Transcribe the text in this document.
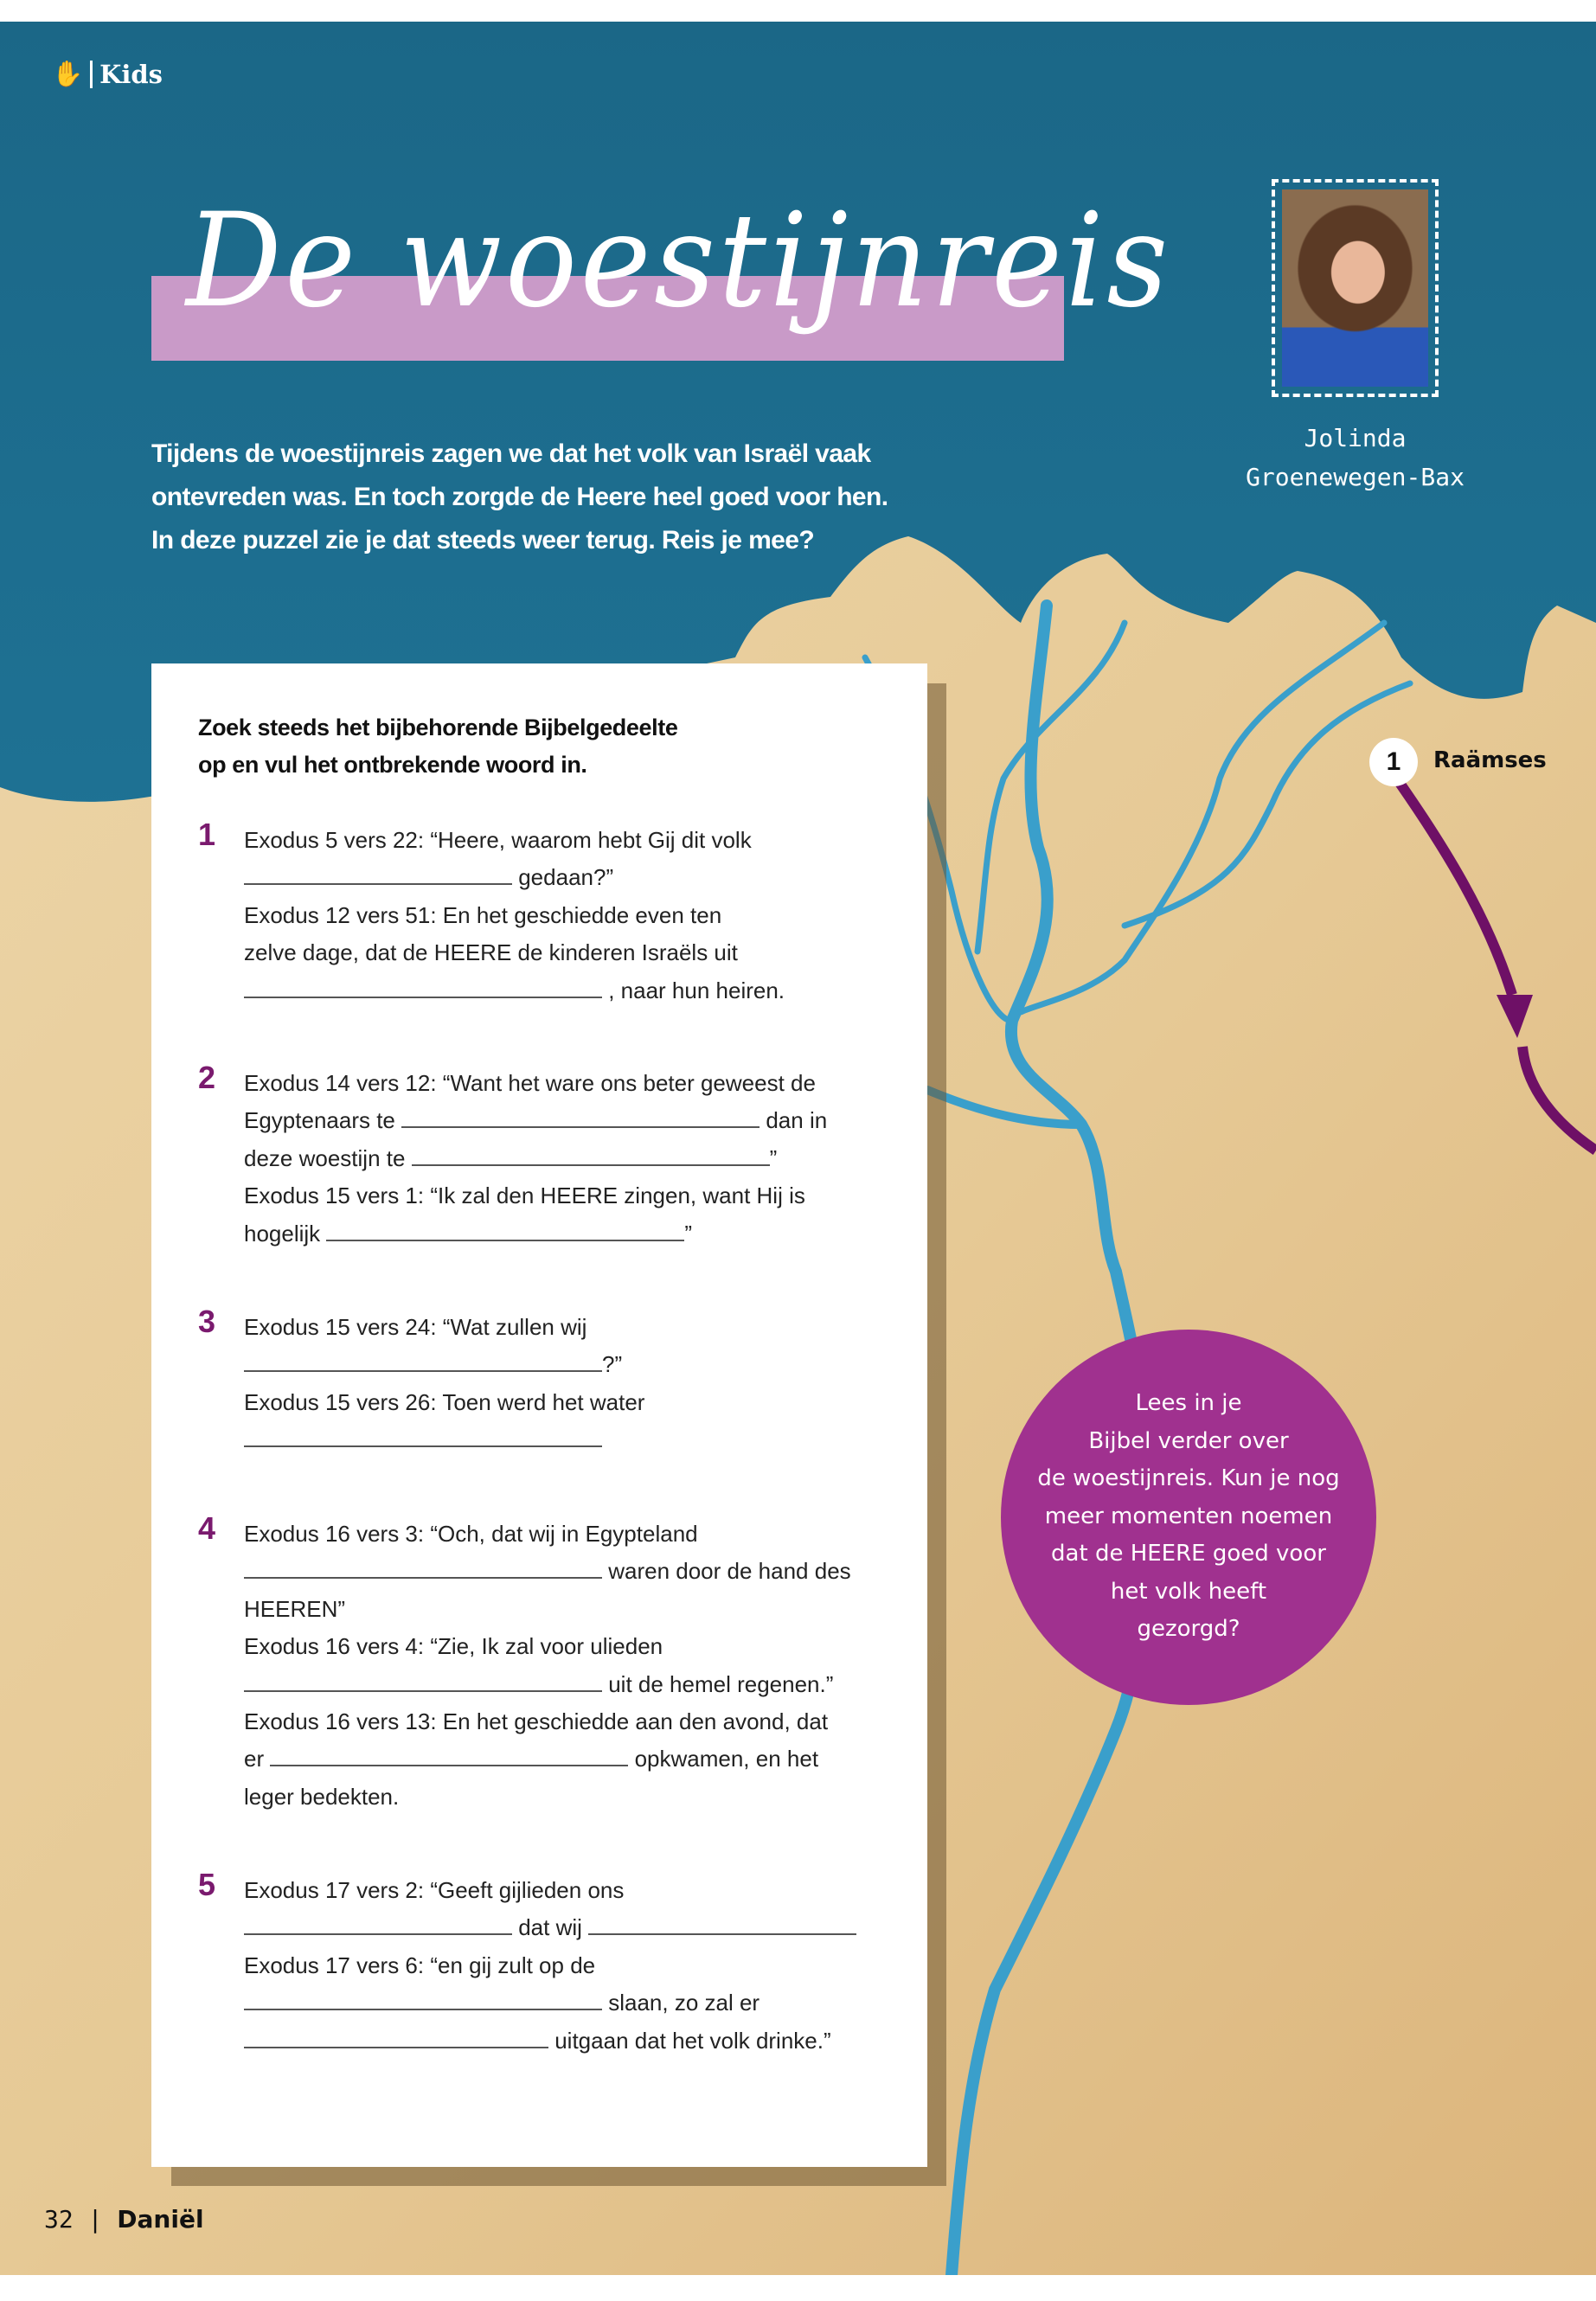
✋ Kids
De woestijnreis
Jolinda
Groenewegen-Bax
Tijdens de woestijnreis zagen we dat het volk van Israël vaak
ontevreden was. En toch zorgde de Heere heel goed voor hen.
In deze puzzel zie je dat steeds weer terug. Reis je mee?
Zoek steeds het bijbehorende Bijbelgedeelte
op en vul het ontbrekende woord in.
1 Exodus 5 vers 22: “Heere, waarom hebt Gij dit volk
gedaan?”
Exodus 12 vers 51: En het geschiedde even ten
zelve dage, dat de HEERE de kinderen Israëls uit
, naar hun heiren.
2 Exodus 14 vers 12: “Want het ware ons beter geweest de
Egyptenaars te	dan in
deze woestijn te	”
Exodus 15 vers 1: “Ik zal den HEERE zingen, want Hij is
hogelijk	”
3 Exodus 15 vers 24: “Wat zullen wij
?”
Exodus 15 vers 26: Toen werd het water
4 Exodus 16 vers 3: “Och, dat wij in Egypteland
waren door de hand des
HEEREN”
Exodus 16 vers 4: “Zie, Ik zal voor ulieden
uit de hemel regenen.”
Exodus 16 vers 13: En het geschiedde aan den avond, dat
er	opkwamen, en het
leger bedekten.
5 Exodus 17 vers 2: “Geeft gijlieden ons
dat wij
Exodus 17 vers 6: “en gij zult op de
slaan, zo zal er
uitgaan dat het volk drinke.”
1	Raämses
Lees in je
Bijbel verder over
de woestijnreis. Kun je nog
meer momenten noemen
dat de HEERE goed voor
het volk heeft
gezorgd?
32 | Daniël
